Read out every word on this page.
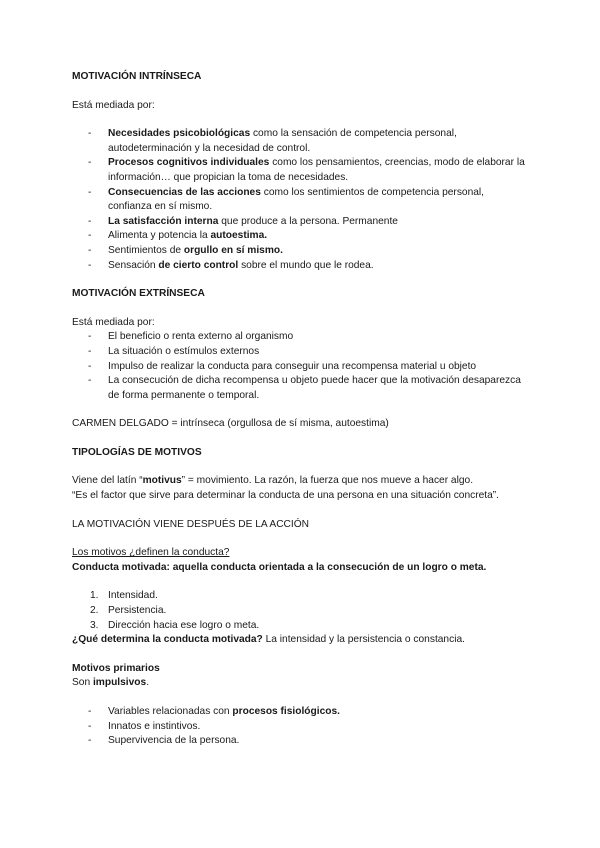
MOTIVACIÓN INTRÍNSECA

Está mediada por:

- Necesidades psicobiológicas como la sensación de competencia personal, autodeterminación y la necesidad de control.
- Procesos cognitivos individuales como los pensamientos, creencias, modo de elaborar la información… que propician la toma de necesidades.
- Consecuencias de las acciones como los sentimientos de competencia personal, confianza en sí mismo.
- La satisfacción interna que produce a la persona. Permanente
- Alimenta y potencia la autoestima.
- Sentimientos de orgullo en sí mismo.
- Sensación de cierto control sobre el mundo que le rodea.
MOTIVACIÓN EXTRÍNSECA

Está mediada por:

- El beneficio o renta externo al organismo
- La situación o estímulos externos
- Impulso de realizar la conducta para conseguir una recompensa material u objeto
- La consecución de dicha recompensa u objeto puede hacer que la motivación desaparezca de forma permanente o temporal.

CARMEN DELGADO = intrínseca (orgullosa de sí misma, autoestima)

TIPOLOGÍAS DE MOTIVOS

Viene del latín “motivus” = movimiento. La razón, la fuerza que nos mueve a hacer algo.

“Es el factor que sirve para determinar la conducta de una persona en una situación concreta”.

LA MOTIVACIÓN VIENE DESPUÉS DE LA ACCIÓN

Los motivos ¿definen la conducta?

Conducta motivada: aquella conducta orientada a la consecución de un logro o meta.

1. Intensidad.
2. Persistencia.
3. Dirección hacia ese logro o meta.

¿Qué determina la conducta motivada? La intensidad y la persistencia o constancia.

Motivos primarios

Son impulsivos.

- Variables relacionadas con procesos fisiológicos.
- Innatos e instintivos.
- Supervivencia de la persona.
